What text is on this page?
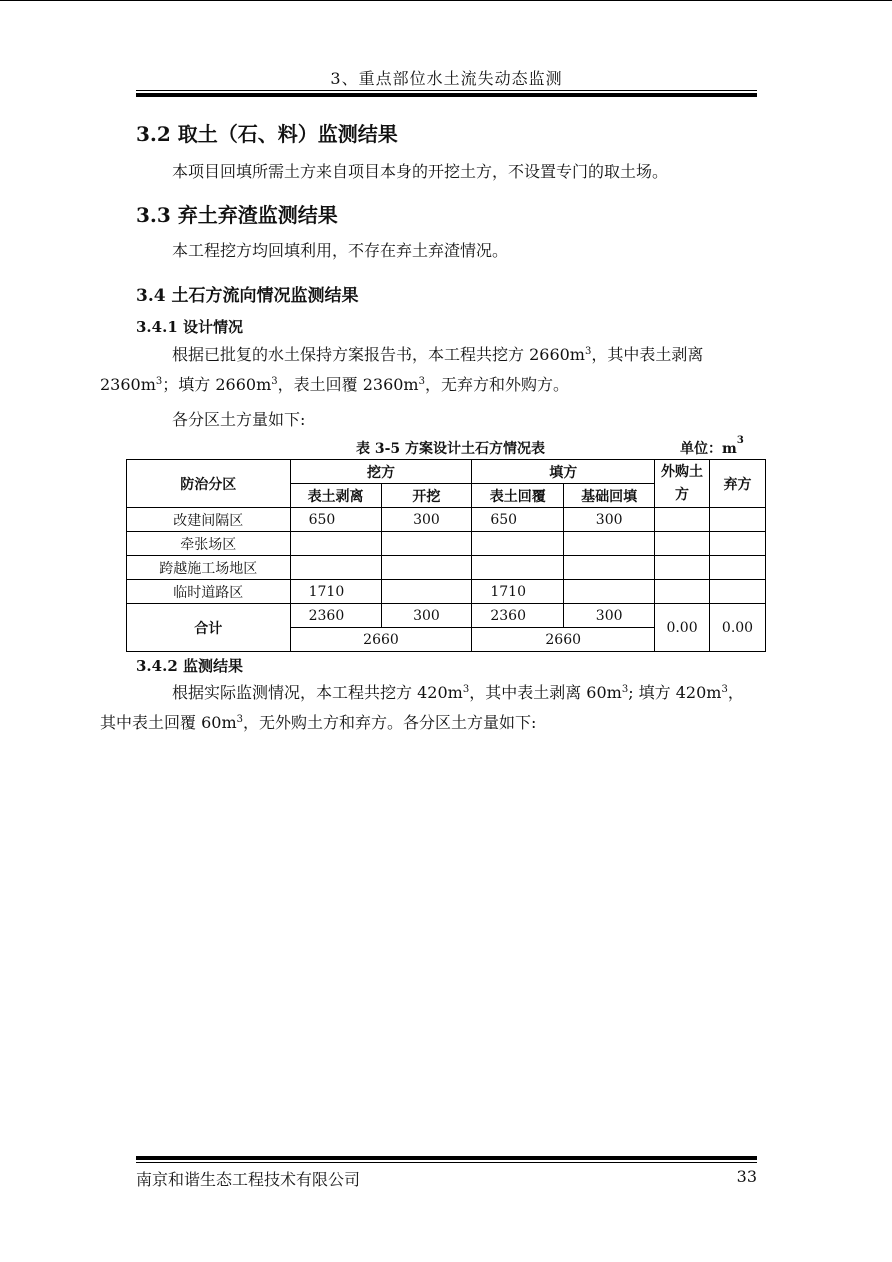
3、重点部位水土流失动态监测
3.2 取土（石、料）监测结果
本项目回填所需土方来自项目本身的开挖土方，不设置专门的取土场。
3.3 弃土弃渣监测结果
本工程挖方均回填利用，不存在弃土弃渣情况。
3.4 土石方流向情况监测结果
3.4.1 设计情况
根据已批复的水土保持方案报告书，本工程共挖方 $2660m^3$，其中表土剥离
$2360m^3$；填方 $2660m^3$，表土回覆 $2360m^3$，无弃方和外购方。
各分区土方量如下:
表 3-5 方案设计土石方情况表	单位：$m^3$
防治分区	挖方		填方		外购土方	弃方
	表土剥离	开挖	表土回覆	基础回填		
改建间隔区	650	300	650	300		
牵张场区						
跨越施工场地区						
临时道路区	1710		1710			
合计	2360	300	2360	300	0.00	0.00
	2660		2660			
3.4.2 监测结果
根据实际监测情况，本工程共挖方 $420m^3$，其中表土剥离 $60m^3$; 填方 $420m^3$，
其中表土回覆 $60m^3$，无外购土方和弃方。各分区土方量如下:
南京和谐生态工程技术有限公司	33
